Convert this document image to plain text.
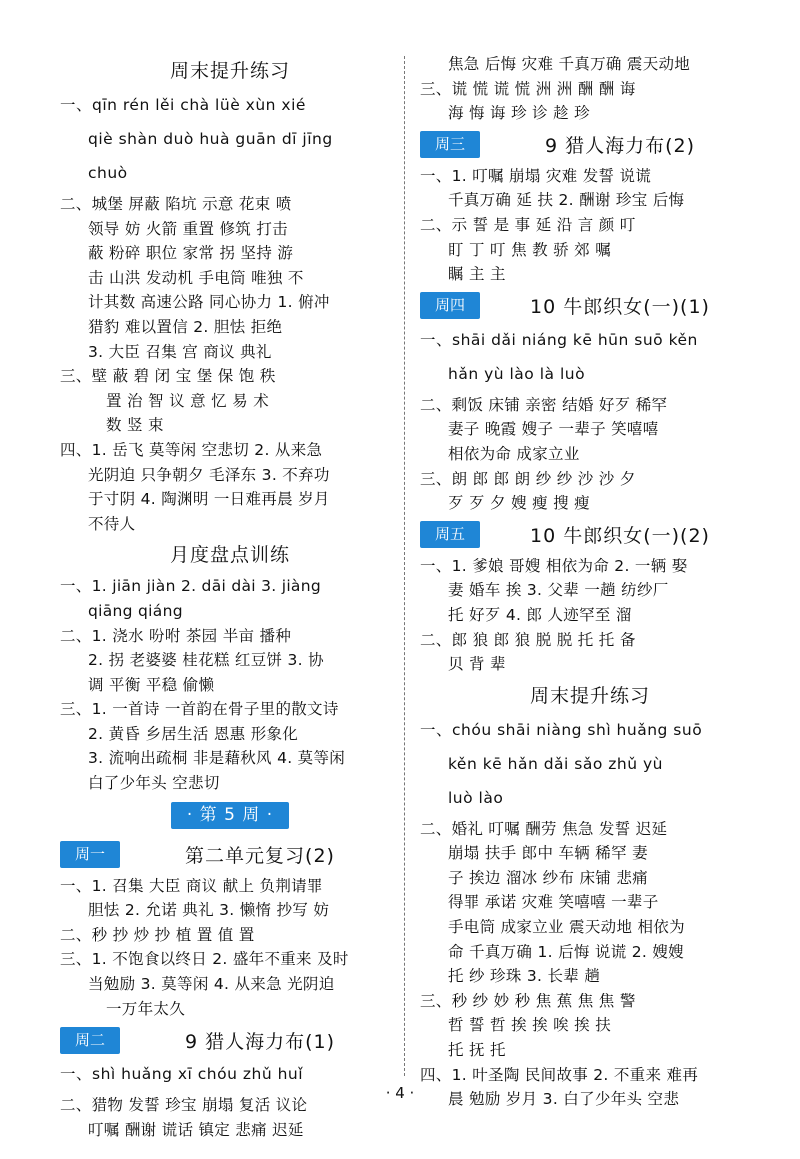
周末提升练习
一、qīn rén lěi chà lüè xùn xié
qiè shàn duò huà guān dī jīng
chuò
二、城堡 屏蔽 陷坑 示意 花束 喷
领导 妨 火箭 重置 修筑 打击
蔽 粉碎 职位 家常 拐 坚持 游
击 山洪 发动机 手电筒 唯独 不
计其数 高速公路 同心协力 1. 俯冲
猎豹 难以置信 2. 胆怯 拒绝
3. 大臣 召集 宫 商议 典礼
三、壁 蔽 碧 闭 宝 堡 保 饱 秩
置 治 智 议 意 忆 易 术
数 竖 束
四、1. 岳飞 莫等闲 空悲切 2. 从来急
光阴迫 只争朝夕 毛泽东 3. 不弃功
于寸阴 4. 陶渊明 一日难再晨 岁月
不待人
月度盘点训练
一、1. jiān jiàn 2. dāi dài 3. jiàng
qiāng qiáng
二、1. 浇水 吩咐 茶园 半亩 播种
2. 拐 老婆婆 桂花糕 红豆饼 3. 协
调 平衡 平稳 偷懒
三、1. 一首诗 一首韵在骨子里的散文诗
2. 黄昏 乡居生活 恩惠 形象化
3. 流响出疏桐 非是藉秋风 4. 莫等闲
白了少年头 空悲切
· 第 5 周 ·
周一	第二单元复习(2)
一、1. 召集 大臣 商议 献上 负荆请罪
胆怯 2. 允诺 典礼 3. 懒惰 抄写 妨
二、秒 抄 炒 抄 植 置 值 置
三、1. 不饱食以终日 2. 盛年不重来 及时
当勉励 3. 莫等闲 4. 从来急 光阴迫
一万年太久
周二	9 猎人海力布(1)
一、shì huǎng xī chóu zhǔ huǐ
二、猎物 发誓 珍宝 崩塌 复活 议论
叮嘱 酬谢 谎话 镇定 悲痛 迟延
焦急 后悔 灾难 千真万确 震天动地
三、谎 慌 谎 慌 洲 洲 酬 酬 诲
海 悔 诲 珍 诊 趁 珍
周三	9 猎人海力布(2)
一、1. 叮嘱 崩塌 灾难 发誓 说谎
千真万确 延 扶 2. 酬谢 珍宝 后悔
二、示 誓 是 事 延 沿 言 颜 叮
盯 丁 叮 焦 教 骄 郊 嘱
瞩 主 主
周四	10 牛郎织女(一)(1)
一、shāi dǎi niáng kē hūn suō kěn
hǎn yù lào là luò
二、剩饭 床铺 亲密 结婚 好歹 稀罕
妻子 晚霞 嫂子 一辈子 笑嘻嘻
相依为命 成家立业
三、朗 郎 郎 朗 纱 纱 沙 沙 夕
歹 歹 夕 嫂 瘦 搜 瘦
周五	10 牛郎织女(一)(2)
一、1. 爹娘 哥嫂 相依为命 2. 一辆 娶
妻 婚车 挨 3. 父辈 一趟 纺纱厂
托 好歹 4. 郎 人迹罕至 溜
二、郎 狼 郎 狼 脱 脱 托 托 备
贝 背 辈
周末提升练习
一、chóu shāi niàng shì huǎng suō
kěn kē hǎn dǎi sǎo zhǔ yù
luò lào
二、婚礼 叮嘱 酬劳 焦急 发誓 迟延
崩塌 扶手 郎中 车辆 稀罕 妻
子 挨边 溜冰 纱布 床铺 悲痛
得罪 承诺 灾难 笑嘻嘻 一辈子
手电筒 成家立业 震天动地 相依为
命 千真万确 1. 后悔 说谎 2. 嫂嫂
托 纱 珍珠 3. 长辈 趟
三、秒 纱 妙 秒 焦 蕉 焦 焦 警
哲 誓 哲 挨 挨 唉 挨 扶
托 抚 托
四、1. 叶圣陶 民间故事 2. 不重来 难再
晨 勉励 岁月 3. 白了少年头 空悲
· 4 ·
